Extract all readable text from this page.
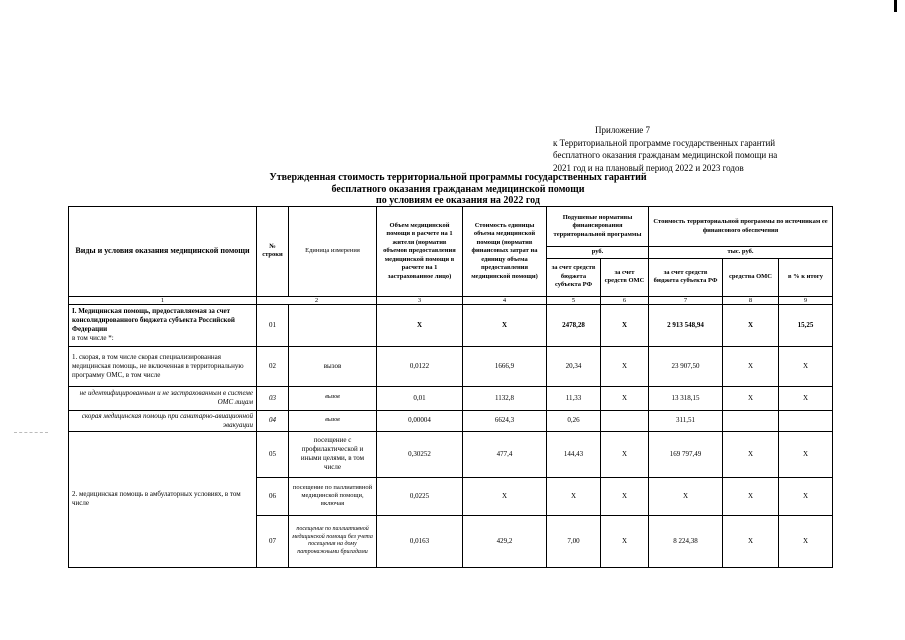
Приложение 7
к Территориальной программе государственных гарантий
бесплатного оказания гражданам медицинской помощи на
2021 год и на плановый период 2022 и 2023 годов
Утвержденная стоимость территориальной программы государственных гарантий
бесплатного оказания гражданам медицинской помощи
по условиям ее оказания на 2022 год
Виды и условия оказания медицинской помощи	№ строки	Единица измерения	Объем медицинской помощи в расчете на 1 жителя (норматив объемов предоставления медицинской помощи в расчете на 1 застрахованное лицо)	Стоимость единицы объема медицинской помощи (норматив финансовых затрат на единицу объема предоставления медицинской помощи)	Подушевые нормативы финансирования территориальной программы		Стоимость территориальной программы по источникам ее финансового обеспечения		
					руб.		тыс. руб.		
					за счет средств бюджета субъекта РФ	за счет средств ОМС	за счет средств бюджета субъекта РФ	средства ОМС	в % к итогу
1	2		3	4	5	6	7	8	9
I. Медицинская помощь, предоставляемая за счет консолидированного бюджета субъекта Российской Федерации
в том числе *:	01		Х	Х	2478,28	Х	2 913 548,94	Х	15,25
1. скорая, в том числе скорая специализированная медицинская помощь, не включенная в территориальную программу ОМС, в том числе	02	вызов	0,0122	1666,9	20,34	Х	23 907,50	Х	Х
не идентифицированным и не застрахованным в системе ОМС лицам	03	вызов	0,01	1132,8	11,33	Х	13 318,15	Х	Х
скорая медицинская помощь при санитарно-авиационной эвакуации	04	вызов	0,00004	6624,3	0,26		311,51		
2. медицинская помощь в амбулаторных условиях, в том числе	05	посещение с профилактической и иными целями, в том числе	0,30252	477,4	144,43	Х	169 797,49	Х	Х
	06	посещение по паллиативной медицинской помощи, включая	0,0225	Х	Х	Х	Х	Х	Х
	07	посещение по паллиативной медицинской помощи без учета посещения на дому патронажными бригадами	0,0163	429,2	7,00	Х	8 224,38	Х	Х
